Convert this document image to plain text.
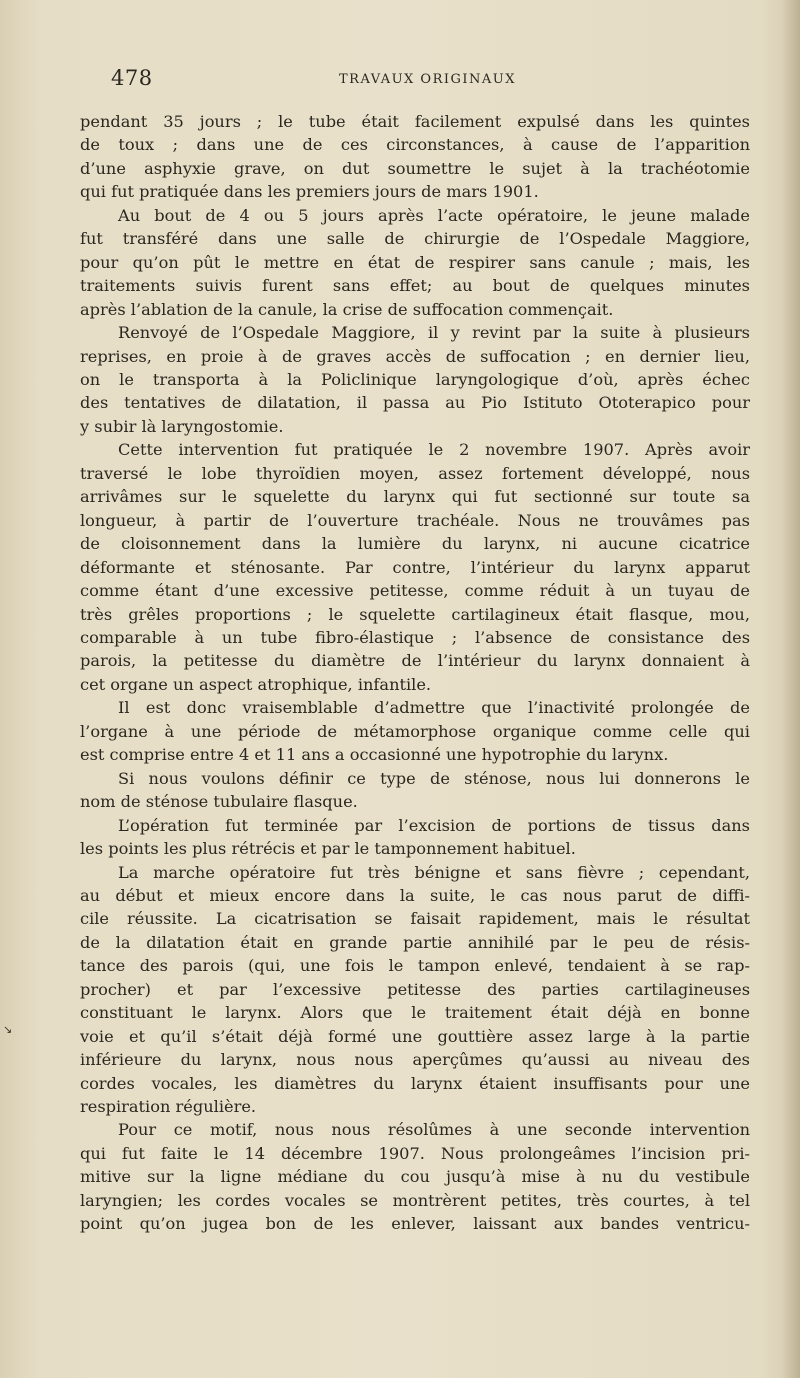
478	TRAVAUX ORIGINAUX

pendant 35 jours ; le tube était facilement expulsé dans les quintes

de toux ; dans une de ces circonstances, à cause de l’apparition

d’une asphyxie grave, on dut soumettre le sujet à la trachéotomie

qui fut pratiquée dans les premiers jours de mars 1901.

Au bout de 4 ou 5 jours après l’acte opératoire, le jeune malade

fut transféré dans une salle de chirurgie de l’Ospedale Maggiore,

pour qu’on pût le mettre en état de respirer sans canule ; mais, les

traitements suivis furent sans effet; au bout de quelques minutes

après l’ablation de la canule, la crise de suffocation commençait.

Renvoyé de l’Ospedale Maggiore, il y revint par la suite à plusieurs

reprises, en proie à de graves accès de suffocation ; en dernier lieu,

on le transporta à la Policlinique laryngologique d’où, après échec

des tentatives de dilatation, il passa au Pio Istituto Ototerapico pour

y subir là laryngostomie.

Cette intervention fut pratiquée le 2 novembre 1907. Après avoir

traversé le lobe thyroïdien moyen, assez fortement développé, nous

arrivâmes sur le squelette du larynx qui fut sectionné sur toute sa

longueur, à partir de l’ouverture trachéale. Nous ne trouvâmes pas

de cloisonnement dans la lumière du larynx, ni aucune cicatrice

déformante et sténosante. Par contre, l’intérieur du larynx apparut

comme étant d’une excessive petitesse, comme réduit à un tuyau de

très grêles proportions ; le squelette cartilagineux était flasque, mou,

comparable à un tube fibro-élastique ; l’absence de consistance des

parois, la petitesse du diamètre de l’intérieur du larynx donnaient à

cet organe un aspect atrophique, infantile.

Il est donc vraisemblable d’admettre que l’inactivité prolongée de

l’organe à une période de métamorphose organique comme celle qui

est comprise entre 4 et 11 ans a occasionné une hypotrophie du larynx.

Si nous voulons définir ce type de sténose, nous lui donnerons le

nom de sténose tubulaire flasque.

L’opération fut terminée par l’excision de portions de tissus dans

les points les plus rétrécis et par le tamponnement habituel.

La marche opératoire fut très bénigne et sans fièvre ; cependant,

au début et mieux encore dans la suite, le cas nous parut de diffi-

cile réussite. La cicatrisation se faisait rapidement, mais le résultat

de la dilatation était en grande partie annihilé par le peu de résis-

tance des parois (qui, une fois le tampon enlevé, tendaient à se rap-

procher) et par l’excessive petitesse des parties cartilagineuses

constituant le larynx. Alors que le traitement était déjà en bonne

voie et qu’il s’était déjà formé une gouttière assez large à la partie

inférieure du larynx, nous nous aperçûmes qu’aussi au niveau des

cordes vocales, les diamètres du larynx étaient insuffisants pour une

respiration régulière.

Pour ce motif, nous nous résolûmes à une seconde intervention

qui fut faite le 14 décembre 1907. Nous prolongeâmes l’incision pri-

mitive sur la ligne médiane du cou jusqu’à mise à nu du vestibule

laryngien; les cordes vocales se montrèrent petites, très courtes, à tel

point qu’on jugea bon de les enlever, laissant aux bandes ventricu-

↘
